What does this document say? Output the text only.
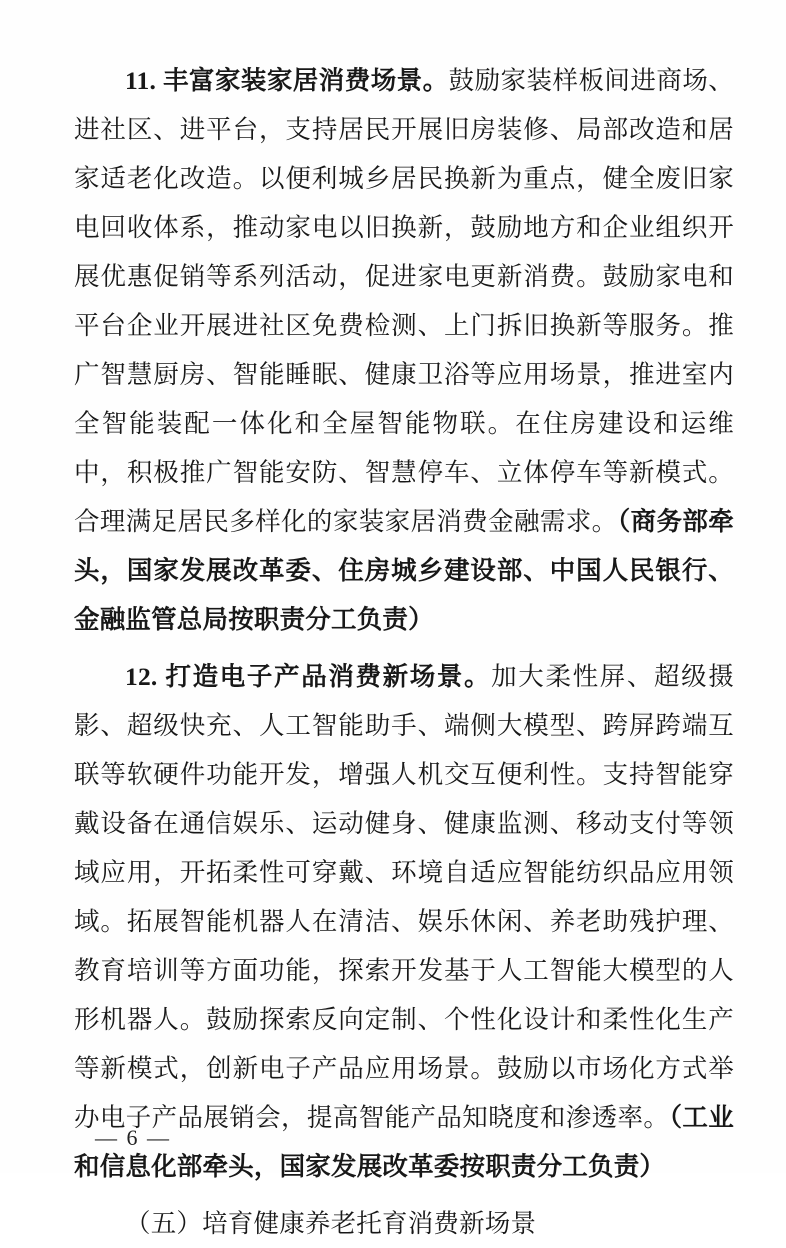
11. 丰富家装家居消费场景。鼓励家装样板间进商场、进社区、进平台，支持居民开展旧房装修、局部改造和居家适老化改造。以便利城乡居民换新为重点，健全废旧家电回收体系，推动家电以旧换新，鼓励地方和企业组织开展优惠促销等系列活动，促进家电更新消费。鼓励家电和平台企业开展进社区免费检测、上门拆旧换新等服务。推广智慧厨房、智能睡眠、健康卫浴等应用场景，推进室内全智能装配一体化和全屋智能物联。在住房建设和运维中，积极推广智能安防、智慧停车、立体停车等新模式。合理满足居民多样化的家装家居消费金融需求。（商务部牵头，国家发展改革委、住房城乡建设部、中国人民银行、金融监管总局按职责分工负责）

12. 打造电子产品消费新场景。加大柔性屏、超级摄影、超级快充、人工智能助手、端侧大模型、跨屏跨端互联等软硬件功能开发，增强人机交互便利性。支持智能穿戴设备在通信娱乐、运动健身、健康监测、移动支付等领域应用，开拓柔性可穿戴、环境自适应智能纺织品应用领域。拓展智能机器人在清洁、娱乐休闲、养老助残护理、教育培训等方面功能，探索开发基于人工智能大模型的人形机器人。鼓励探索反向定制、个性化设计和柔性化生产等新模式，创新电子产品应用场景。鼓励以市场化方式举办电子产品展销会，提高智能产品知晓度和渗透率。（工业和信息化部牵头，国家发展改革委按职责分工负责）

（五）培育健康养老托育消费新场景

— 6 —
